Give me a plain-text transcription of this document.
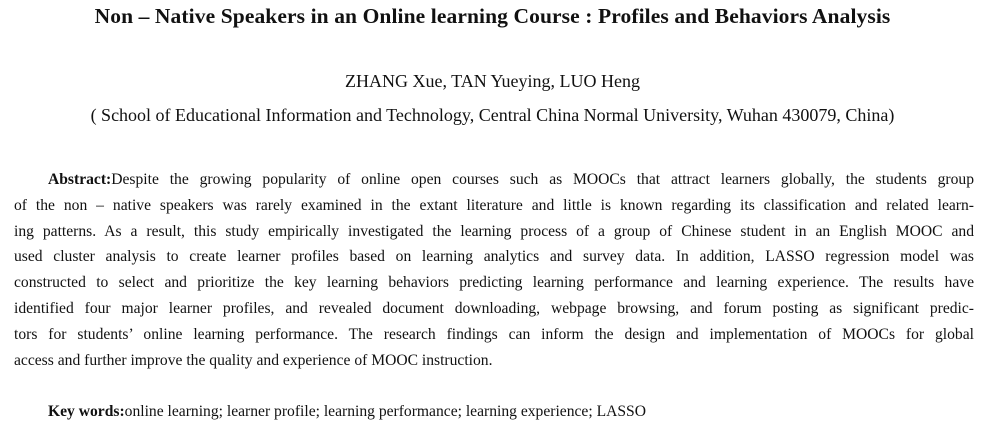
Non – Native Speakers in an Online learning Course : Profiles and Behaviors Analysis
ZHANG Xue, TAN Yueying, LUO Heng
( School of Educational Information and Technology, Central China Normal University, Wuhan 430079, China)
Abstract:Despite the growing popularity of online open courses such as MOOCs that attract learners globally, the students group
of the non – native speakers was rarely examined in the extant literature and little is known regarding its classification and related learn-
ing patterns. As a result, this study empirically investigated the learning process of a group of Chinese student in an English MOOC and
used cluster analysis to create learner profiles based on learning analytics and survey data. In addition, LASSO regression model was
constructed to select and prioritize the key learning behaviors predicting learning performance and learning experience. The results have
identified four major learner profiles, and revealed document downloading, webpage browsing, and forum posting as significant predic-
tors for students’ online learning performance. The research findings can inform the design and implementation of MOOCs for global
access and further improve the quality and experience of MOOC instruction.
Key words:online learning; learner profile; learning performance; learning experience; LASSO
